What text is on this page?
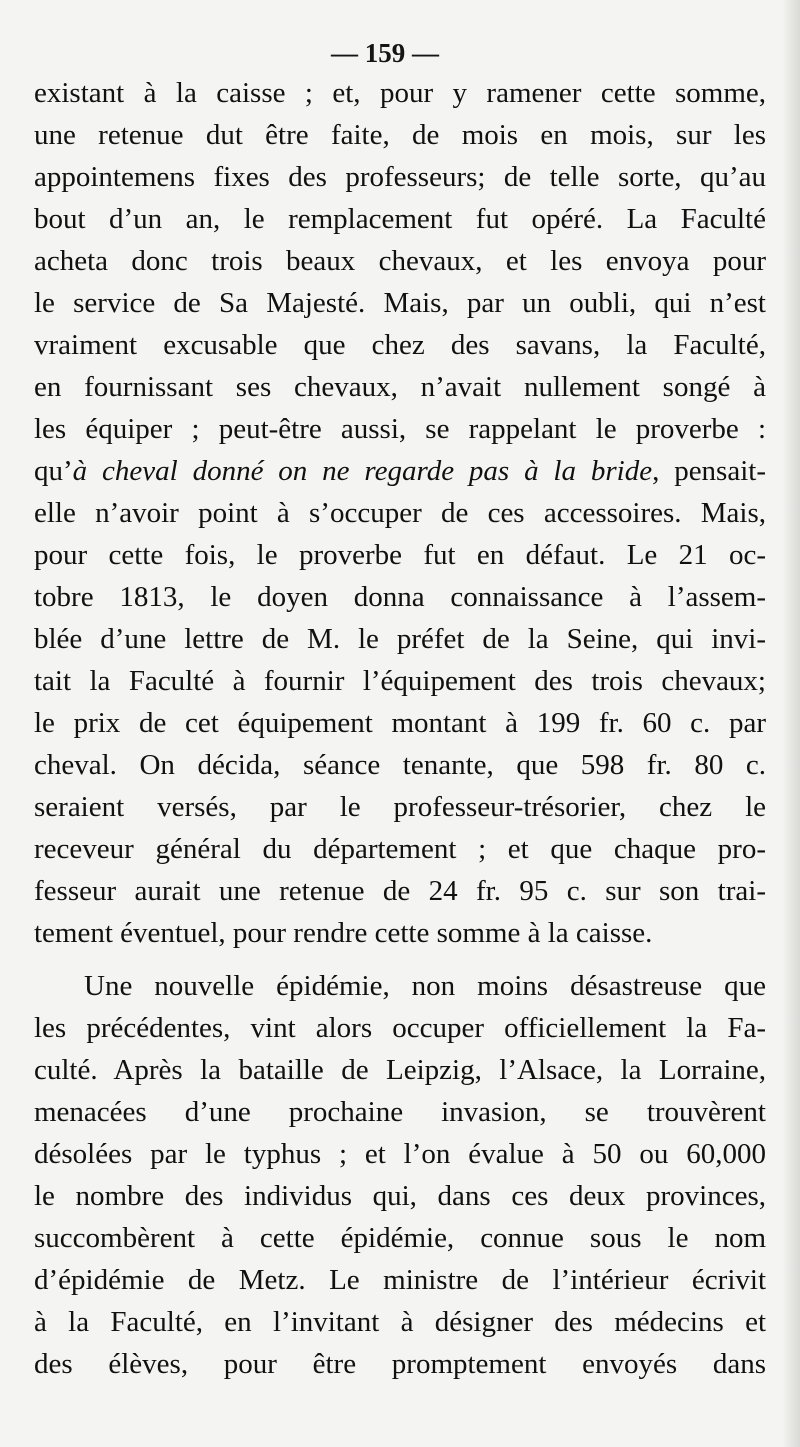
— 159 —
existant à la caisse ; et, pour y ramener cette somme,
une retenue dut être faite, de mois en mois, sur les
appointemens fixes des professeurs; de telle sorte, qu’au
bout d’un an, le remplacement fut opéré. La Faculté
acheta donc trois beaux chevaux, et les envoya pour
le service de Sa Majesté. Mais, par un oubli, qui n’est
vraiment excusable que chez des savans, la Faculté,
en fournissant ses chevaux, n’avait nullement songé à
les équiper ; peut-être aussi, se rappelant le proverbe :
qu’à cheval donné on ne regarde pas à la bride, pensait-
elle n’avoir point à s’occuper de ces accessoires. Mais,
pour cette fois, le proverbe fut en défaut. Le 21 oc-
tobre 1813, le doyen donna connaissance à l’assem-
blée d’une lettre de M. le préfet de la Seine, qui invi-
tait la Faculté à fournir l’équipement des trois chevaux;
le prix de cet équipement montant à 199 fr. 60 c. par
cheval. On décida, séance tenante, que 598 fr. 80 c.
seraient versés, par le professeur-trésorier, chez le
receveur général du département ; et que chaque pro-
fesseur aurait une retenue de 24 fr. 95 c. sur son trai-
tement éventuel, pour rendre cette somme à la caisse.
Une nouvelle épidémie, non moins désastreuse que
les précédentes, vint alors occuper officiellement la Fa-
culté. Après la bataille de Leipzig, l’Alsace, la Lorraine,
menacées d’une prochaine invasion, se trouvèrent
désolées par le typhus ; et l’on évalue à 50 ou 60,000
le nombre des individus qui, dans ces deux provinces,
succombèrent à cette épidémie, connue sous le nom
d’épidémie de Metz. Le ministre de l’intérieur écrivit
à la Faculté, en l’invitant à désigner des médecins et
des élèves, pour être promptement envoyés dans
